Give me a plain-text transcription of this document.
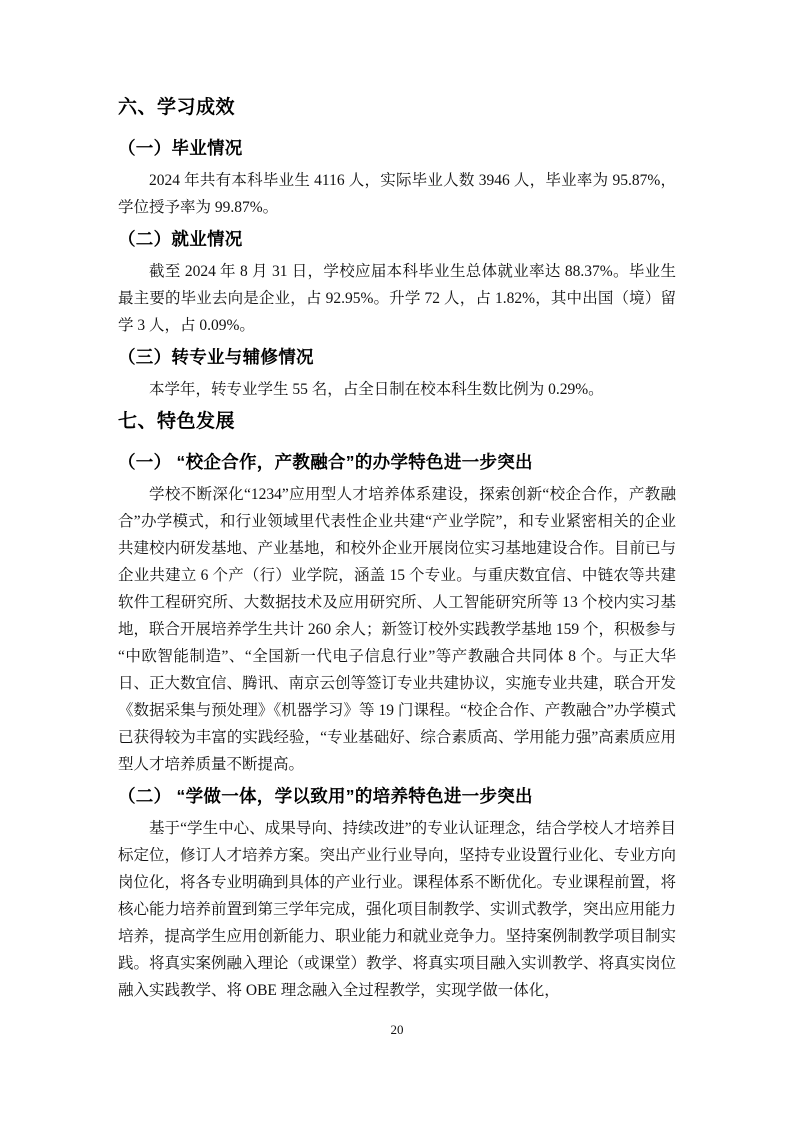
六、学习成效
（一）毕业情况

2024 年共有本科毕业生 4116 人，实际毕业人数 3946 人，毕业率为 95.87%，学位授予率为 99.87%。

（二）就业情况

截至 2024 年 8 月 31 日，学校应届本科毕业生总体就业率达 88.37%。毕业生最主要的毕业去向是企业，占 92.95%。升学 72 人，占 1.82%，其中出国（境）留学 3 人，占 0.09%。

（三）转专业与辅修情况

本学年，转专业学生 55 名，占全日制在校本科生数比例为 0.29%。

七、特色发展
（一） “校企合作，产教融合”的办学特色进一步突出

学校不断深化“1234”应用型人才培养体系建设，探索创新“校企合作，产教融合”办学模式，和行业领域里代表性企业共建“产业学院”，和专业紧密相关的企业共建校内研发基地、产业基地，和校外企业开展岗位实习基地建设合作。目前已与企业共建立 6 个产（行）业学院，涵盖 15 个专业。与重庆数宜信、中链农等共建软件工程研究所、大数据技术及应用研究所、人工智能研究所等 13 个校内实习基地，联合开展培养学生共计 260 余人；新签订校外实践教学基地 159 个，积极参与“中欧智能制造”、“全国新一代电子信息行业”等产教融合共同体 8 个。与正大华日、正大数宜信、腾讯、南京云创等签订专业共建协议，实施专业共建，联合开发《数据采集与预处理》《机器学习》等 19 门课程。“校企合作、产教融合”办学模式已获得较为丰富的实践经验，“专业基础好、综合素质高、学用能力强”高素质应用型人才培养质量不断提高。

（二） “学做一体，学以致用”的培养特色进一步突出

基于“学生中心、成果导向、持续改进”的专业认证理念，结合学校人才培养目标定位，修订人才培养方案。突出产业行业导向，坚持专业设置行业化、专业方向岗位化，将各专业明确到具体的产业行业。课程体系不断优化。专业课程前置，将核心能力培养前置到第三学年完成，强化项目制教学、实训式教学，突出应用能力培养，提高学生应用创新能力、职业能力和就业竞争力。坚持案例制教学项目制实践。将真实案例融入理论（或课堂）教学、将真实项目融入实训教学、将真实岗位融入实践教学、将 OBE 理念融入全过程教学，实现学做一体化，

20
